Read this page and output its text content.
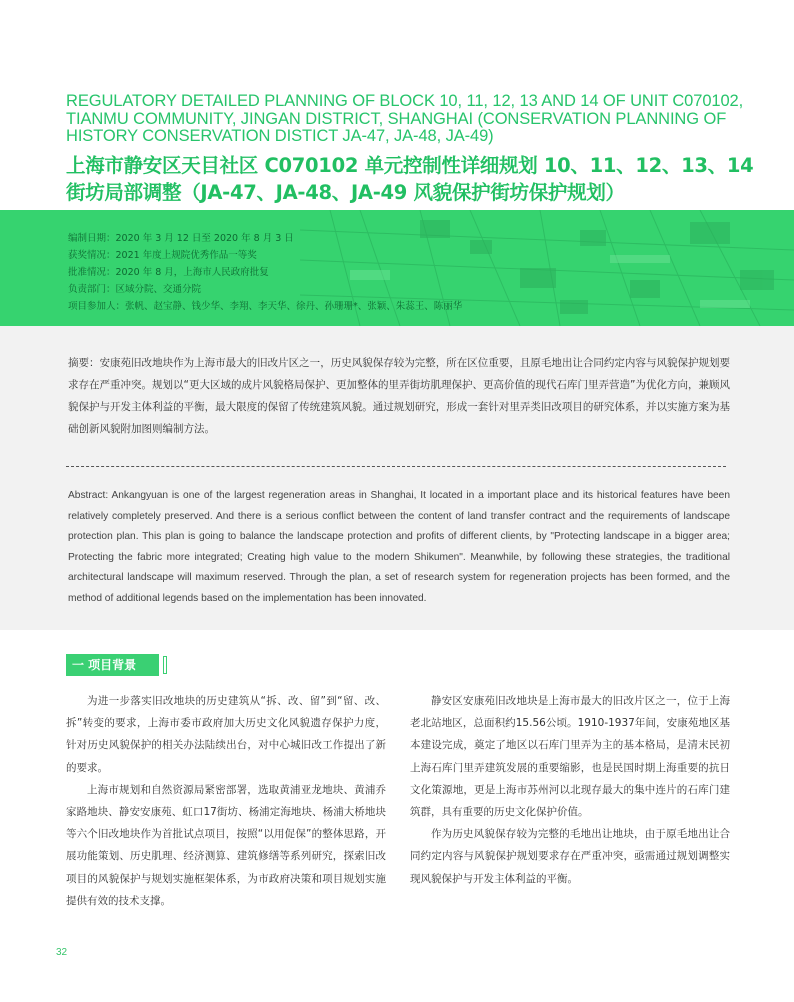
REGULATORY DETAILED PLANNING OF BLOCK 10, 11, 12, 13 AND 14 OF UNIT C070102, TIANMU COMMUNITY, JINGAN DISTRICT, SHANGHAI (CONSERVATION PLANNING OF HISTORY CONSERVATION DISTICT JA-47, JA-48, JA-49)
上海市静安区天目社区 C070102 单元控制性详细规划 10、11、12、13、14 街坊局部调整（JA-47、JA-48、JA-49 风貌保护街坊保护规划）
编制日期：2020 年 3 月 12 日至 2020 年 8 月 3 日
获奖情况：2021 年度上规院优秀作品一等奖
批准情况：2020 年 8 月，上海市人民政府批复
负责部门：区域分院、交通分院
项目参加人：张帆、赵宝静、钱少华、李翔、李天华、徐丹、孙珊珊*、张颖、朱蕊王、陈丽华
摘要：安康苑旧改地块作为上海市最大的旧改片区之一，历史风貌保存较为完整，所在区位重要，且原毛地出让合同约定内容与风貌保护规划要求存在严重冲突。规划以“更大区域的成片风貌格局保护、更加整体的里弄街坊肌理保护、更高价值的现代石库门里弄营造”为优化方向，兼顾风貌保护与开发主体利益的平衡，最大限度的保留了传统建筑风貌。通过规划研究，形成一套针对里弄类旧改项目的研究体系，并以实施方案为基础创新风貌附加图则编制方法。
Abstract: Ankangyuan is one of the largest regeneration areas in Shanghai, It located in a important place and its historical features have been relatively completely preserved. And there is a serious conflict between the content of land transfer contract and the requirements of landscape protection plan. This plan is going to balance the landscape protection and profits of different clients, by "Protecting landscape in a bigger area; Protecting the fabric more integrated; Creating high value to the modern Shikumen". Meanwhile, by following these strategies, the traditional architectural landscape will maximum reserved. Through the plan, a set of research system for regeneration projects has been formed, and the method of additional legends based on the implementation has been innovated.
一 项目背景

为进一步落实旧改地块的历史建筑从“拆、改、留”到“留、改、拆”转变的要求，上海市委市政府加大历史文化风貌遗存保护力度，针对历史风貌保护的相关办法陆续出台，对中心城旧改工作提出了新的要求。

上海市规划和自然资源局紧密部署，选取黄浦亚龙地块、黄浦乔家路地块、静安安康苑、虹口17街坊、杨浦定海地块、杨浦大桥地块等六个旧改地块作为首批试点项目，按照“以用促保”的整体思路，开展功能策划、历史肌理、经济测算、建筑修缮等系列研究，探索旧改项目的风貌保护与规划实施框架体系，为市政府决策和项目规划实施提供有效的技术支撑。

静安区安康苑旧改地块是上海市最大的旧改片区之一，位于上海老北站地区，总面积约15.56公顷。1910-1937年间，安康苑地区基本建设完成，奠定了地区以石库门里弄为主的基本格局，是清末民初上海石库门里弄建筑发展的重要缩影，也是民国时期上海重要的抗日文化策源地，更是上海市苏州河以北现存最大的集中连片的石库门建筑群，具有重要的历史文化保护价值。

作为历史风貌保存较为完整的毛地出让地块，由于原毛地出让合同约定内容与风貌保护规划要求存在严重冲突，亟需通过规划调整实现风貌保护与开发主体利益的平衡。

32
